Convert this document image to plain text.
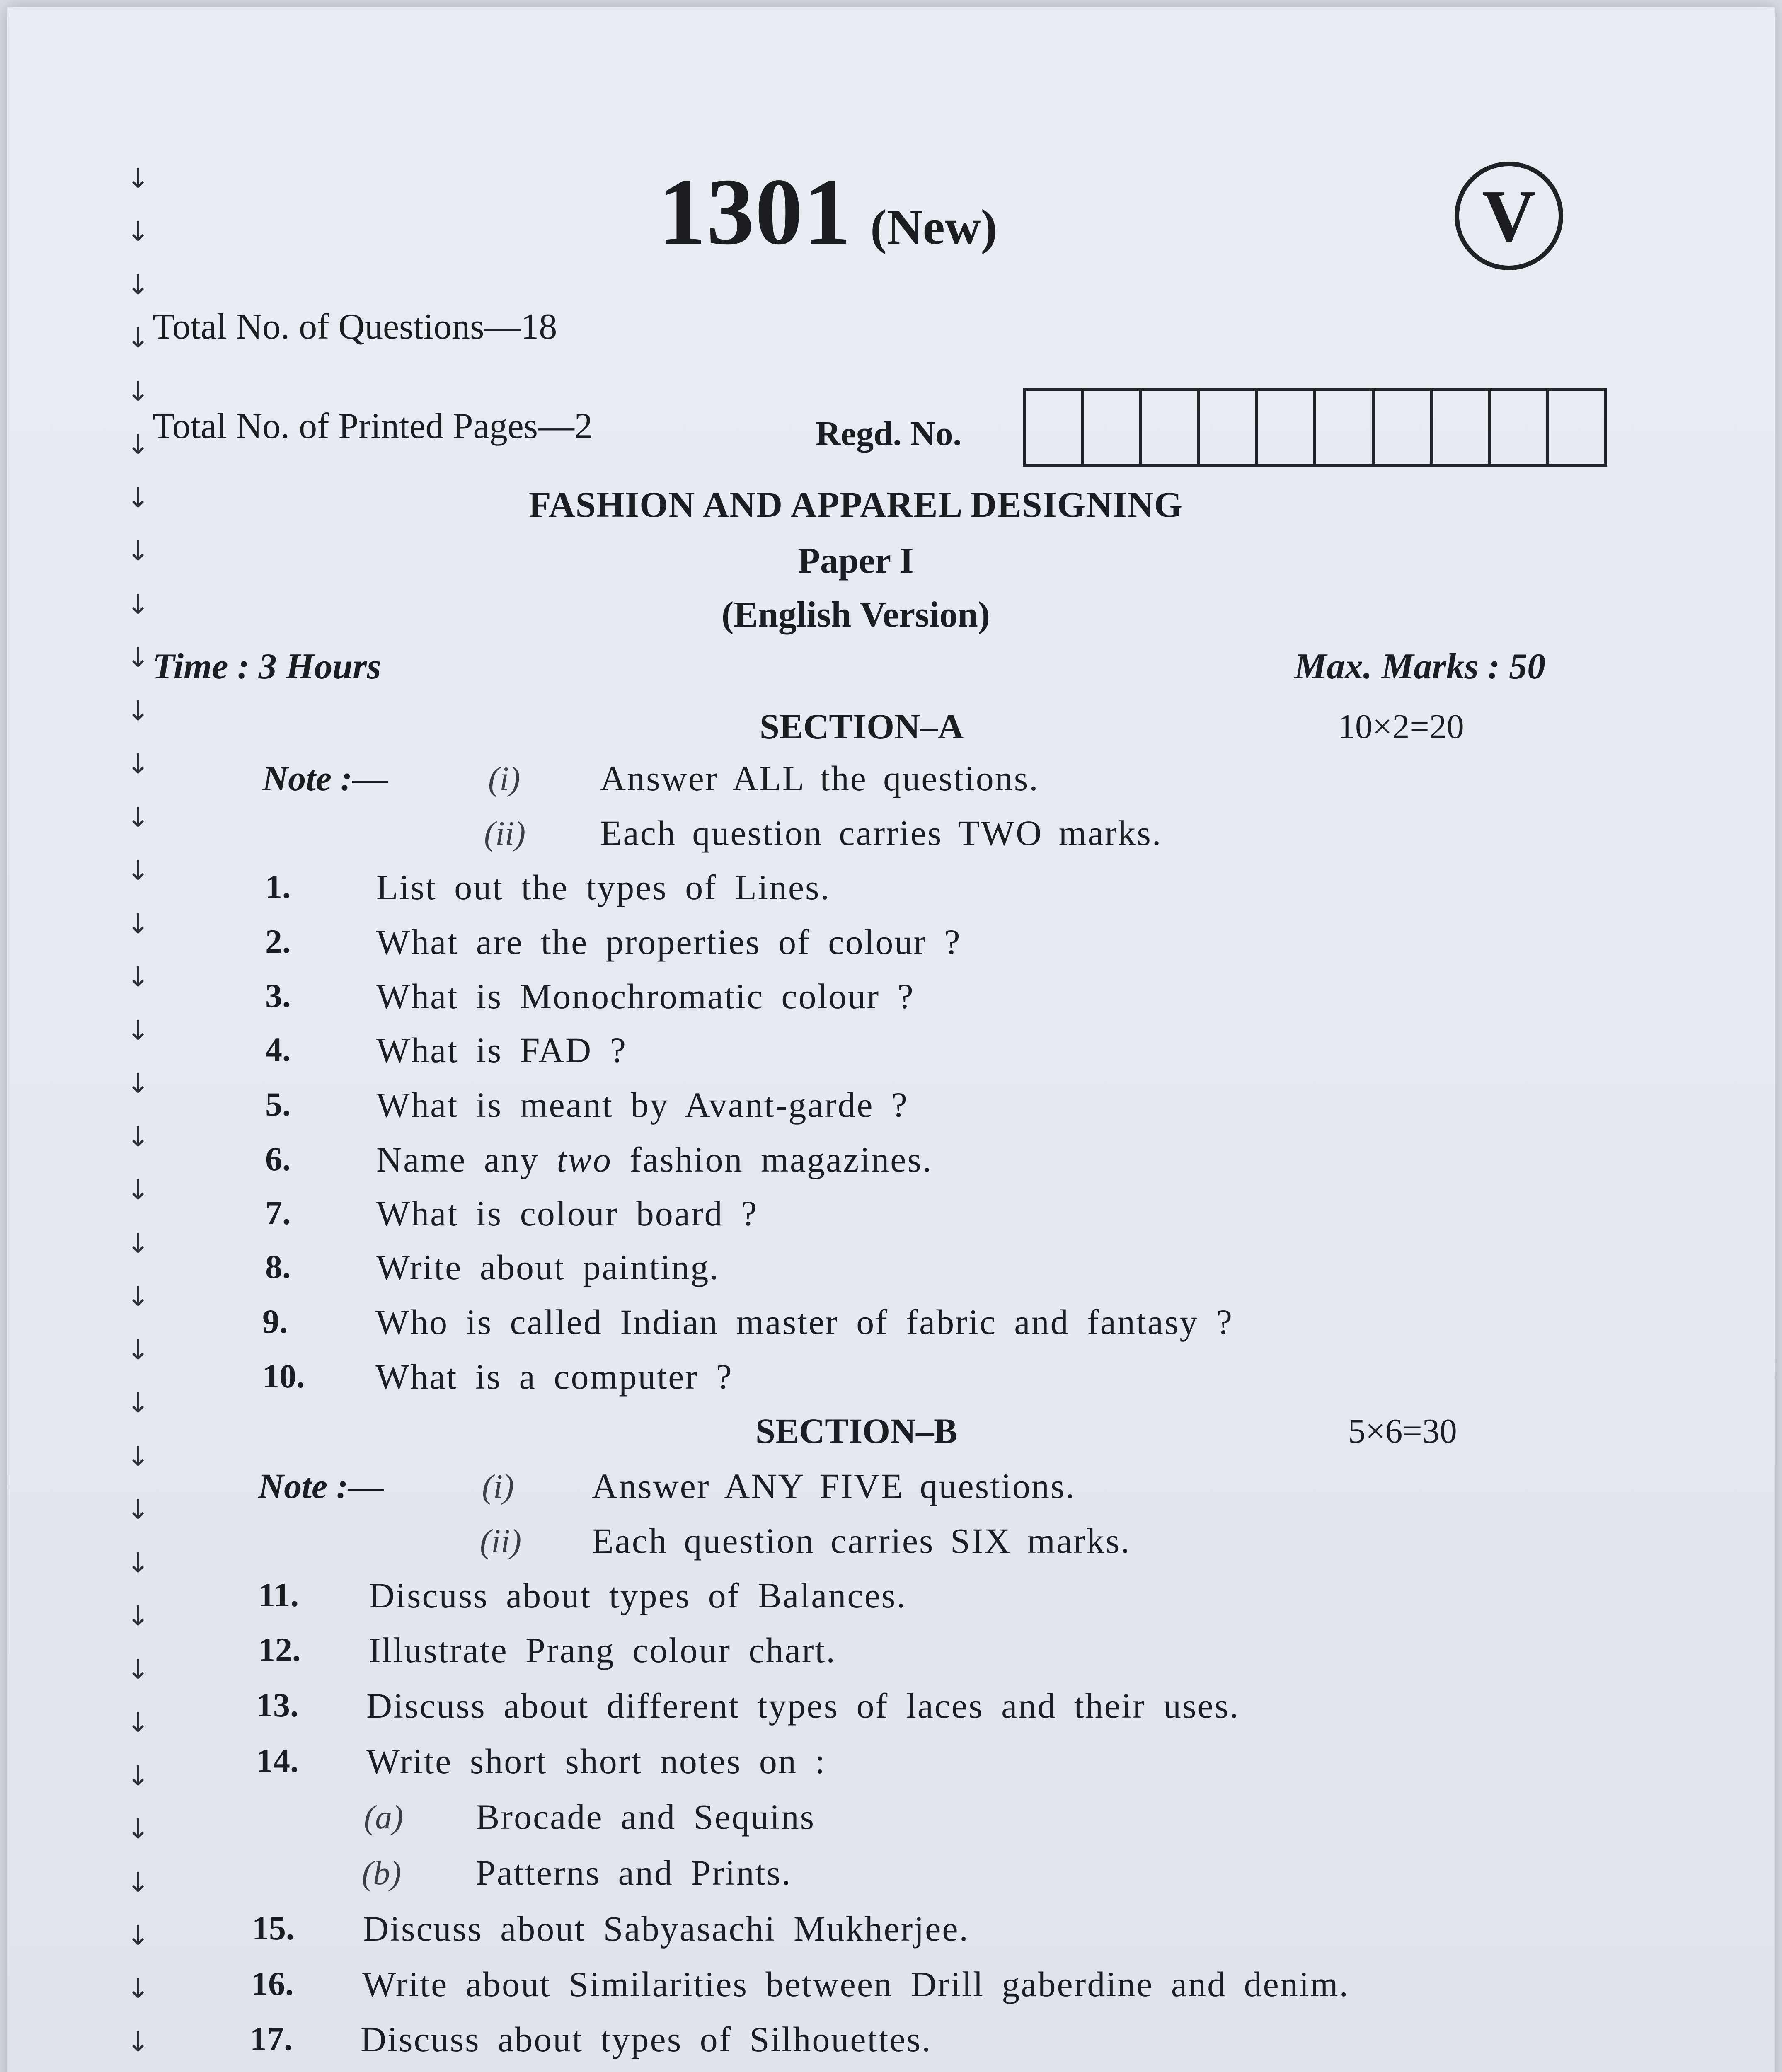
↓
↓
↓
↓
↓
↓
↓
↓
↓
↓
↓
↓
↓
↓
↓
↓
↓
↓
↓
↓
↓
↓
↓
↓
↓
↓
↓
↓
↓
↓
↓
↓
↓
↓
↓
↓
1301 (New)	V
Total No. of Questions—18
Total No. of Printed Pages—2	Regd. No.
FASHION AND APPAREL DESIGNING
Paper I
(English Version)
Time : 3 Hours	Max. Marks : 50
SECTION–A	10×2=20
Note :—	(i) Answer ALL the questions.
(ii) Each question carries TWO marks.
1. List out the types of Lines.
2. What are the properties of colour ?
3. What is Monochromatic colour ?
4. What is FAD ?
5. What is meant by Avant-garde ?
6. Name any two fashion magazines.
7. What is colour board ?
8. Write about painting.
9. Who is called Indian master of fabric and fantasy ?
10. What is a computer ?
SECTION–B	5×6=30
Note :—	(i) Answer ANY FIVE questions.
(ii) Each question carries SIX marks.
11. Discuss about types of Balances.
12. Illustrate Prang colour chart.
13. Discuss about different types of laces and their uses.
14. Write short short notes on :
(a) Brocade and Sequins
(b) Patterns and Prints.
15. Discuss about Sabyasachi Mukherjee.
16. Write about Similarities between Drill gaberdine and denim.
17. Discuss about types of Silhouettes.
